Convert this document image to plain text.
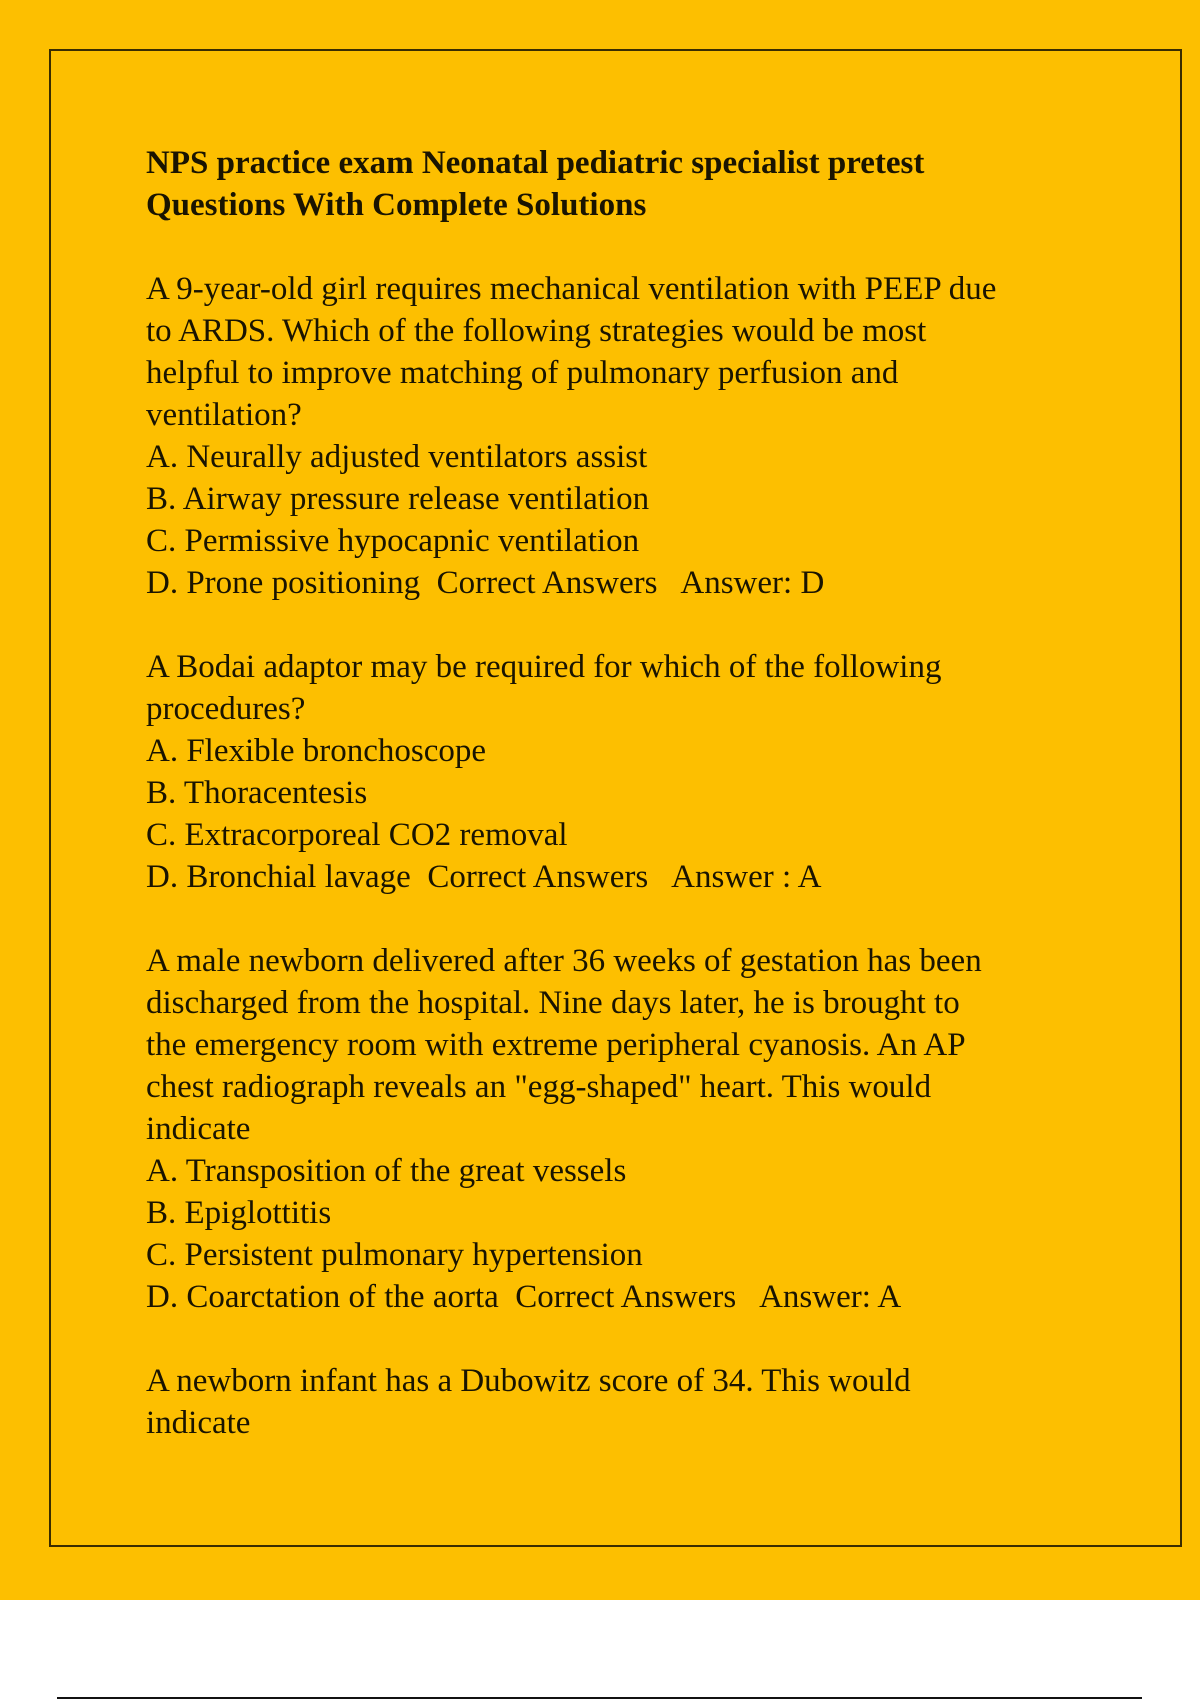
NPS practice exam Neonatal pediatric specialist pretest
Questions With Complete Solutions
A 9-year-old girl requires mechanical ventilation with PEEP due
to ARDS. Which of the following strategies would be most
helpful to improve matching of pulmonary perfusion and
ventilation?
A. Neurally adjusted ventilators assist
B. Airway pressure release ventilation
C. Permissive hypocapnic ventilation
D. Prone positioning  Correct Answers   Answer: D
A Bodai adaptor may be required for which of the following
procedures?
A. Flexible bronchoscope
B. Thoracentesis
C. Extracorporeal CO2 removal
D. Bronchial lavage  Correct Answers   Answer : A
A male newborn delivered after 36 weeks of gestation has been
discharged from the hospital. Nine days later, he is brought to
the emergency room with extreme peripheral cyanosis. An AP
chest radiograph reveals an "egg-shaped" heart. This would
indicate
A. Transposition of the great vessels
B. Epiglottitis
C. Persistent pulmonary hypertension
D. Coarctation of the aorta  Correct Answers   Answer: A
A newborn infant has a Dubowitz score of 34. This would
indicate
